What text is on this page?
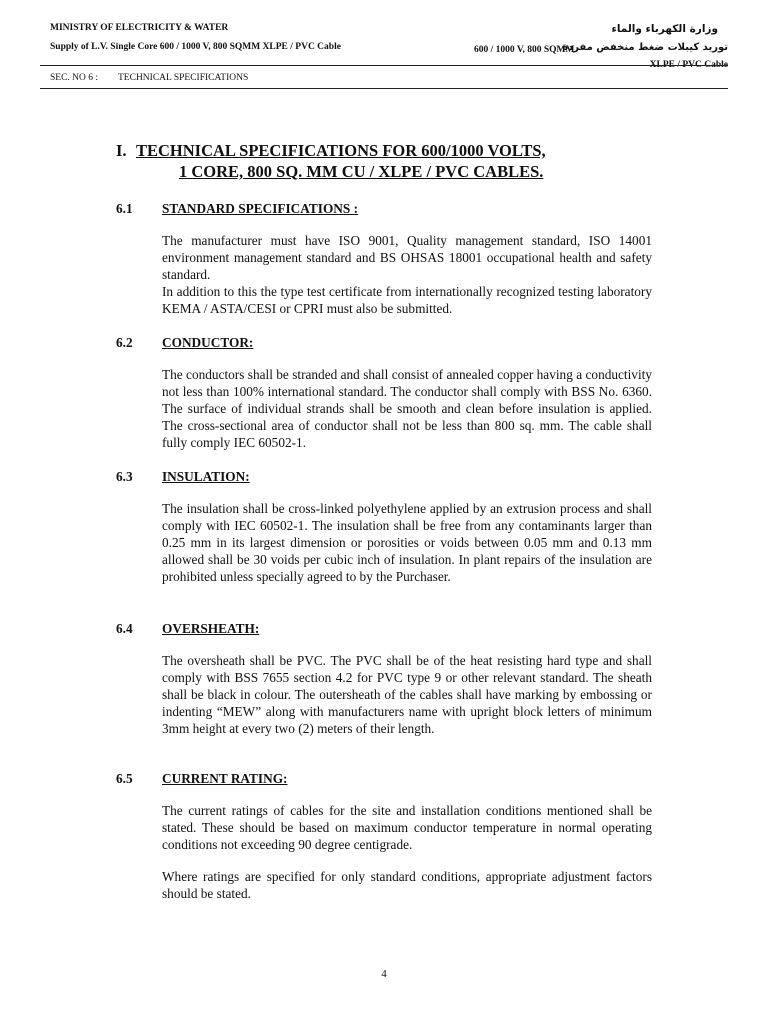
MINISTRY OF ELECTRICITY & WATER
Supply of L.V. Single Core 600 / 1000 V, 800 SQMM XLPE / PVC Cable
وزارة الكهرباء والماء
600 / 1000 V, 800 SQMM
توريد كيبلات ضغط منخفض مفردة
XLPE / PVC Cable
SEC. NO 6 : TECHNICAL SPECIFICATIONS
I. TECHNICAL SPECIFICATIONS FOR 600/1000 VOLTS,
1 CORE, 800 SQ. MM CU / XLPE / PVC CABLES.
6.1	STANDARD SPECIFICATIONS :

The manufacturer must have ISO 9001, Quality management standard, ISO 14001 environment management standard and BS OHSAS 18001 occupational health and safety standard.

In addition to this the type test certificate from internationally recognized testing laboratory KEMA / ASTA/CESI or CPRI must also be submitted.

6.2	CONDUCTOR:

The conductors shall be stranded and shall consist of annealed copper having a conductivity not less than 100% international standard. The conductor shall comply with BSS No. 6360. The surface of individual strands shall be smooth and clean before insulation is applied. The cross-sectional area of conductor shall not be less than 800 sq. mm. The cable shall fully comply IEC 60502-1.

6.3	INSULATION:

The insulation shall be cross-linked polyethylene applied by an extrusion process and shall comply with IEC 60502-1. The insulation shall be free from any contaminants larger than 0.25 mm in its largest dimension or porosities or voids between 0.05 mm and 0.13 mm allowed shall be 30 voids per cubic inch of insulation. In plant repairs of the insulation are prohibited unless specially agreed to by the Purchaser.

6.4	OVERSHEATH:

The oversheath shall be PVC. The PVC shall be of the heat resisting hard type and shall comply with BSS 7655 section 4.2 for PVC type 9 or other relevant standard. The sheath shall be black in colour. The outersheath of the cables shall have marking by embossing or indenting “MEW” along with manufacturers name with upright block letters of minimum 3mm height at every two (2) meters of their length.

6.5	CURRENT RATING:

The current ratings of cables for the site and installation conditions mentioned shall be stated. These should be based on maximum conductor temperature in normal operating conditions not exceeding 90 degree centigrade.

Where ratings are specified for only standard conditions, appropriate adjustment factors should be stated.

4
